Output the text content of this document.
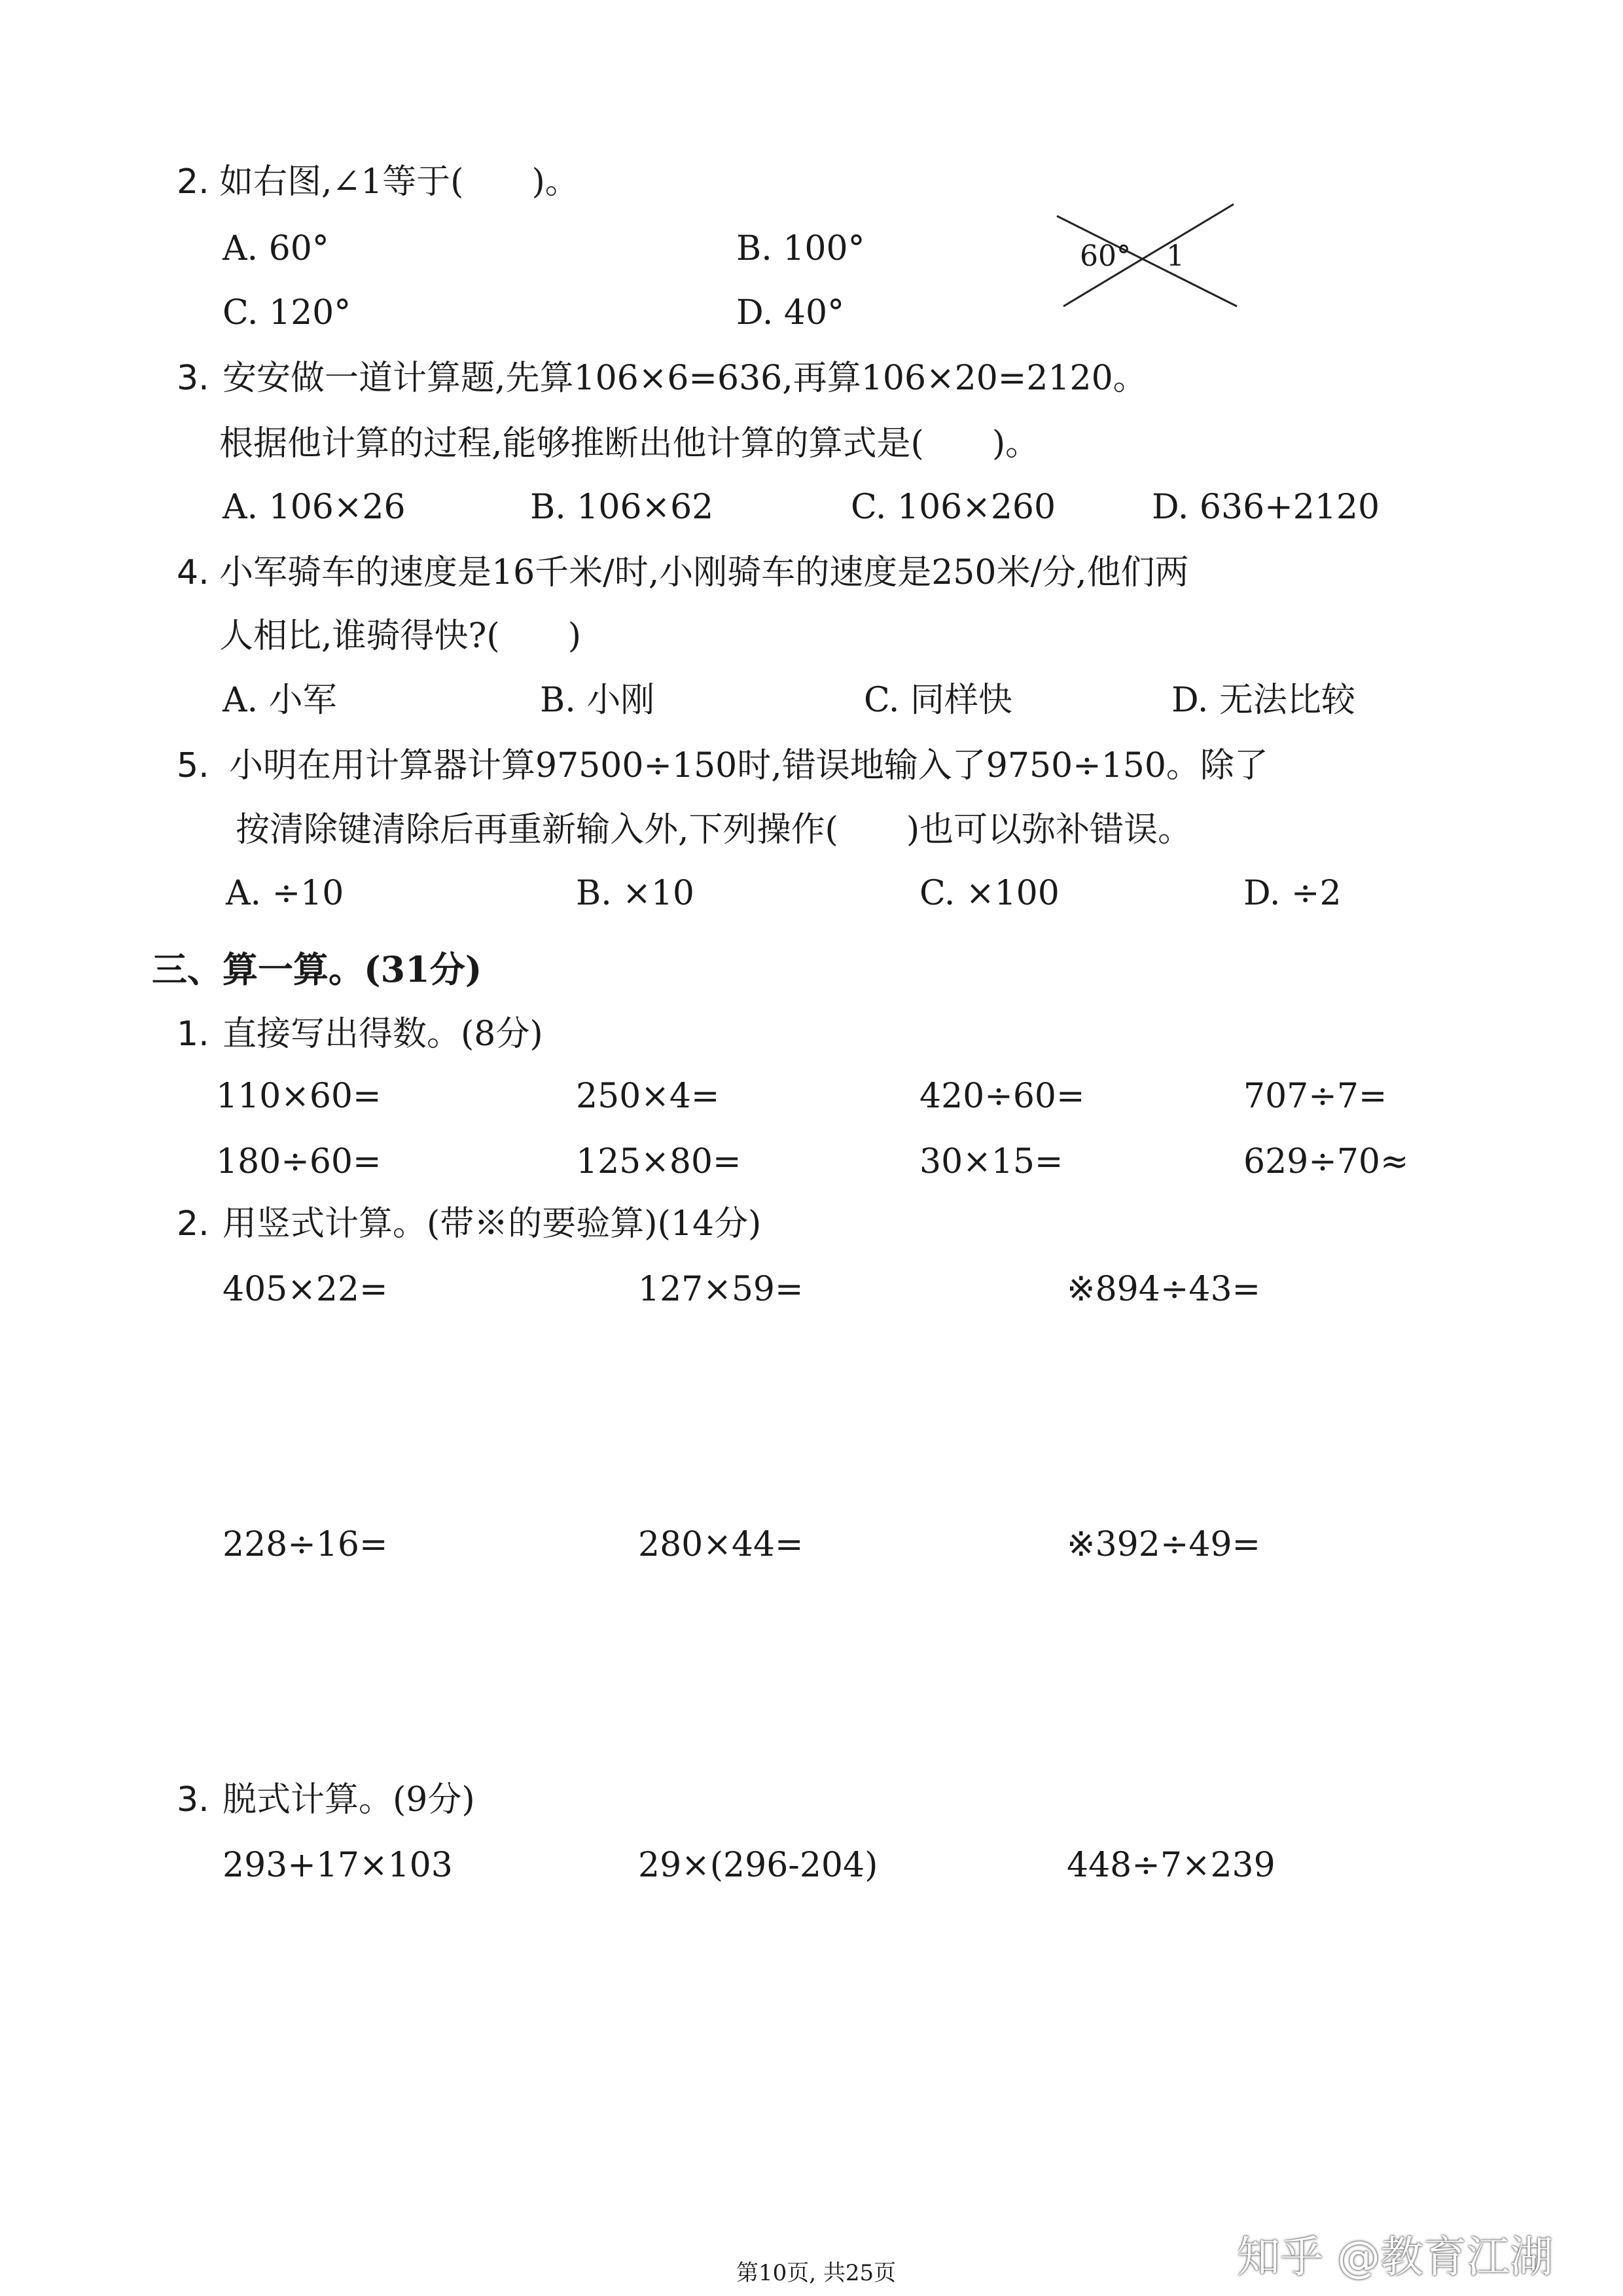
2. 如右图,∠1等于(　　)。
A. 60°	B. 100°
C. 120°	D. 40°
60° 1
3. 安安做一道计算题,先算106×6=636,再算106×20=2120。
根据他计算的过程,能够推断出他计算的算式是(　　)。
A. 106×26	B. 106×62	C. 106×260	D. 636+2120
4. 小军骑车的速度是16千米/时,小刚骑车的速度是250米/分,他们两
人相比,谁骑得快?(　　)
A. 小军	B. 小刚	C. 同样快	D. 无法比较
5. 小明在用计算器计算97500÷150时,错误地输入了9750÷150。除了
按清除键清除后再重新输入外,下列操作(　　)也可以弥补错误。
A. ÷10	B. ×10	C. ×100	D. ÷2
三、算一算。(31分)
1. 直接写出得数。(8分)
110×60=	250×4=	420÷60=	707÷7=
180÷60=	125×80=	30×15=	629÷70≈
2. 用竖式计算。(带※的要验算)(14分)
405×22=	127×59=	※894÷43=
228÷16=	280×44=	※392÷49=
3. 脱式计算。(9分)
293+17×103	29×(296-204)	448÷7×239
第10页, 共25页	知乎 @教育江湖
